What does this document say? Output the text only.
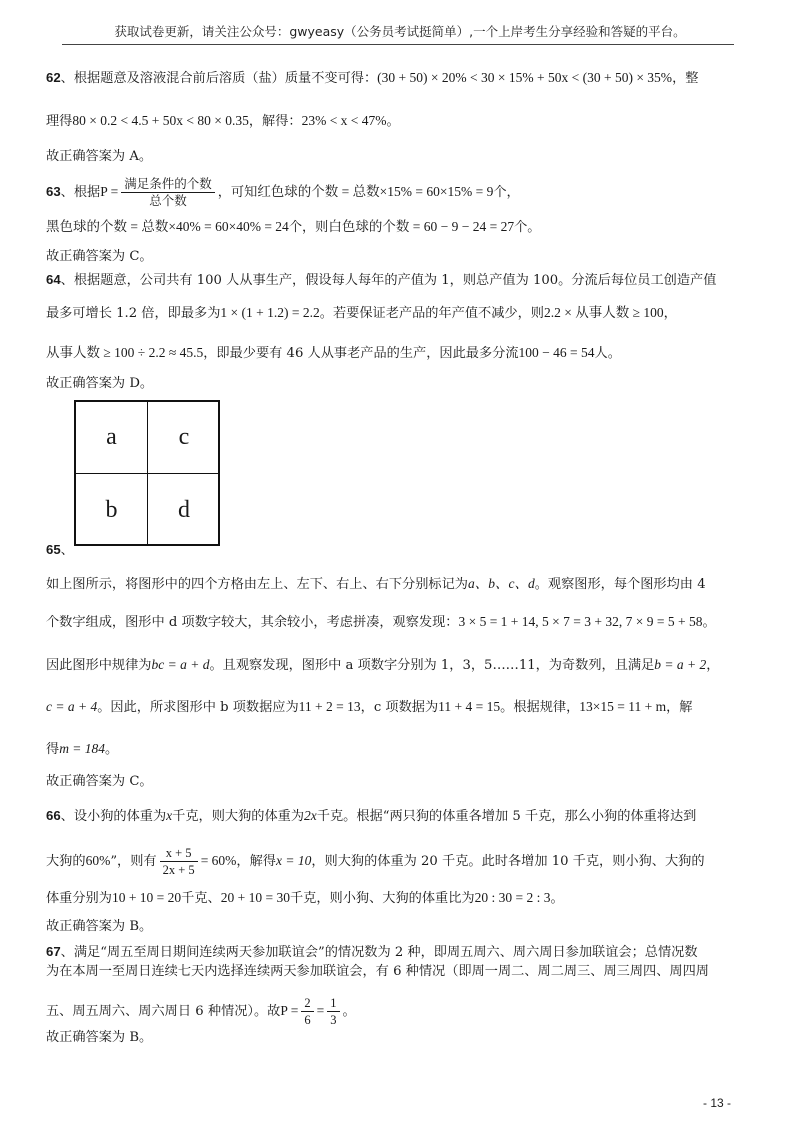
获取试卷更新，请关注公众号：gwyeasy（公务员考试挺简单）,一个上岸考生分享经验和答疑的平台。
62、根据题意及溶液混合前后溶质（盐）质量不变可得：(30 + 50) × 20% < 30 × 15% + 50x < (30 + 50) × 35%，整
理得80 × 0.2 < 4.5 + 50x < 80 × 0.35，解得：23% < x < 47%。
故正确答案为 A。
63、根据$P = \frac{\text{满足条件的个数}}{\text{总个数}}$ ，可知红色球的个数 = 总数×15% = 60×15% = 9个，
黑色球的个数 = 总数×40% = 60×40% = 24个，则白色球的个数 = 60 − 9 − 24 = 27个。
故正确答案为 C。
64、根据题意，公司共有 100 人从事生产，假设每人每年的产值为 1，则总产值为 100。分流后每位员工创造产值
最多可增长 1.2 倍，即最多为1 × (1 + 1.2) = 2.2。若要保证老产品的年产值不减少，则2.2 × 从事人数 ≥ 100，
从事人数 ≥ 100 ÷ 2.2 ≈ 45.5，即最少要有 46 人从事老产品的生产，因此最多分流100 − 46 = 54人。
故正确答案为 D。
a	c
b	d
65、
如上图所示，将图形中的四个方格由左上、左下、右上、右下分别标记为a、b、c、d。观察图形，每个图形均由 4
个数字组成，图形中 d 项数字较大，其余较小，考虑拼凑，观察发现：3 × 5 = 1 + 14, 5 × 7 = 3 + 32, 7 × 9 = 5 + 58。
因此图形中规律为bc = a + d。且观察发现，图形中 a 项数字分别为 1，3，5……11，为奇数列，且满足b = a + 2，
c = a + 4。因此，所求图形中 b 项数据应为11 + 2 = 13，c 项数据为11 + 4 = 15。根据规律，13×15 = 11 + m，解
得m = 184。
故正确答案为 C。
66、设小狗的体重为x千克，则大狗的体重为2x千克。根据“两只狗的体重各增加 5 千克，那么小狗的体重将达到
大狗的60%”，则有 $\frac{x + 5}{2x + 5} = 60\%$，解得x = 10，则大狗的体重为 20 千克。此时各增加 10 千克，则小狗、大狗的
体重分别为10 + 10 = 20千克、20 + 10 = 30千克，则小狗、大狗的体重比为20 : 30 = 2 : 3。
故正确答案为 B。
67、满足“周五至周日期间连续两天参加联谊会”的情况数为 2 种，即周五周六、周六周日参加联谊会；总情况数
为在本周一至周日连续七天内选择连续两天参加联谊会，有 6 种情况（即周一周二、周二周三、周三周四、周四周
五、周五周六、周六周日 6 种情况）。故$P = \frac{2}{6} = \frac{1}{3}$ 。
故正确答案为 B。
- 13 -
